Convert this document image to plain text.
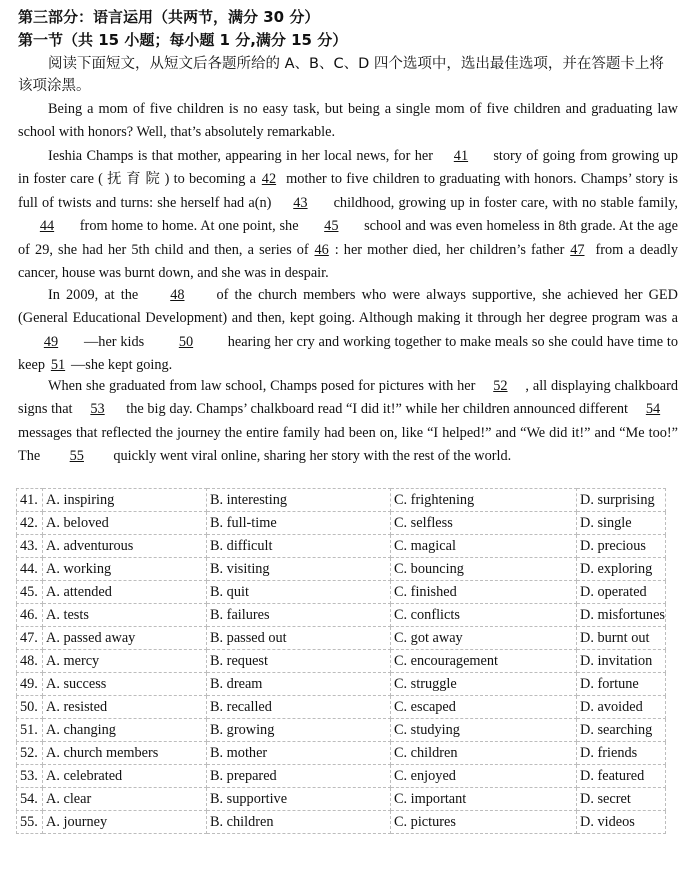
第三部分：语言运用（共两节，满分 30 分）
第一节（共 15 小题；每小题 1 分,满分 15 分）
阅读下面短文，从短文后各题所给的 A、B、C、D 四个选项中，选出最佳选项，并在答题卡上将该项涂黑。
Being a mom of five children is no easy task, but being a single mom of five children and graduating law school with honors? Well, that’s absolutely remarkable.
Ieshia Champs is that mother, appearing in her local news, for her 41 story of going from growing up in foster care ( 抚 育 院 ) to becoming a 42 mother to five children to graduating with honors. Champs’ story is full of twists and turns: she herself had a(n) 43 childhood, growing up in foster care, with no stable family, 44 from home to home. At one point, she 45 school and was even homeless in 8th grade. At the age of 29, she had her 5th child and then, a series of 46 : her mother died, her children’s father 47 from a deadly cancer, house was burnt down, and she was in despair.
In 2009, at the 48 of the church members who were always supportive, she achieved her GED (General Educational Development) and then, kept going. Although making it through her degree program was a 49 —her kids 50 hearing her cry and working together to make meals so she could have time to keep 51 —she kept going.
When she graduated from law school, Champs posed for pictures with her 52 , all displaying chalkboard signs that 53 the big day. Champs’ chalkboard read “I did it!” while her children announced different 54 messages that reflected the journey the entire family had been on, like “I helped!” and “We did it!” and “Me too!” The 55 quickly went viral online, sharing her story with the rest of the world.
41.	A. inspiring	B. interesting	C. frightening	D. surprising
42.	A. beloved	B. full-time	C. selfless	D. single
43.	A. adventurous	B. difficult	C. magical	D. precious
44.	A. working	B. visiting	C. bouncing	D. exploring
45.	A. attended	B. quit	C. finished	D. operated
46.	A. tests	B. failures	C. conflicts	D. misfortunes
47.	A. passed away	B. passed out	C. got away	D. burnt out
48.	A. mercy	B. request	C. encouragement	D. invitation
49.	A. success	B. dream	C. struggle	D. fortune
50.	A. resisted	B. recalled	C. escaped	D. avoided
51.	A. changing	B. growing	C. studying	D. searching
52.	A. church members	B. mother	C. children	D. friends
53.	A. celebrated	B. prepared	C. enjoyed	D. featured
54.	A. clear	B. supportive	C. important	D. secret
55.	A. journey	B. children	C. pictures	D. videos
